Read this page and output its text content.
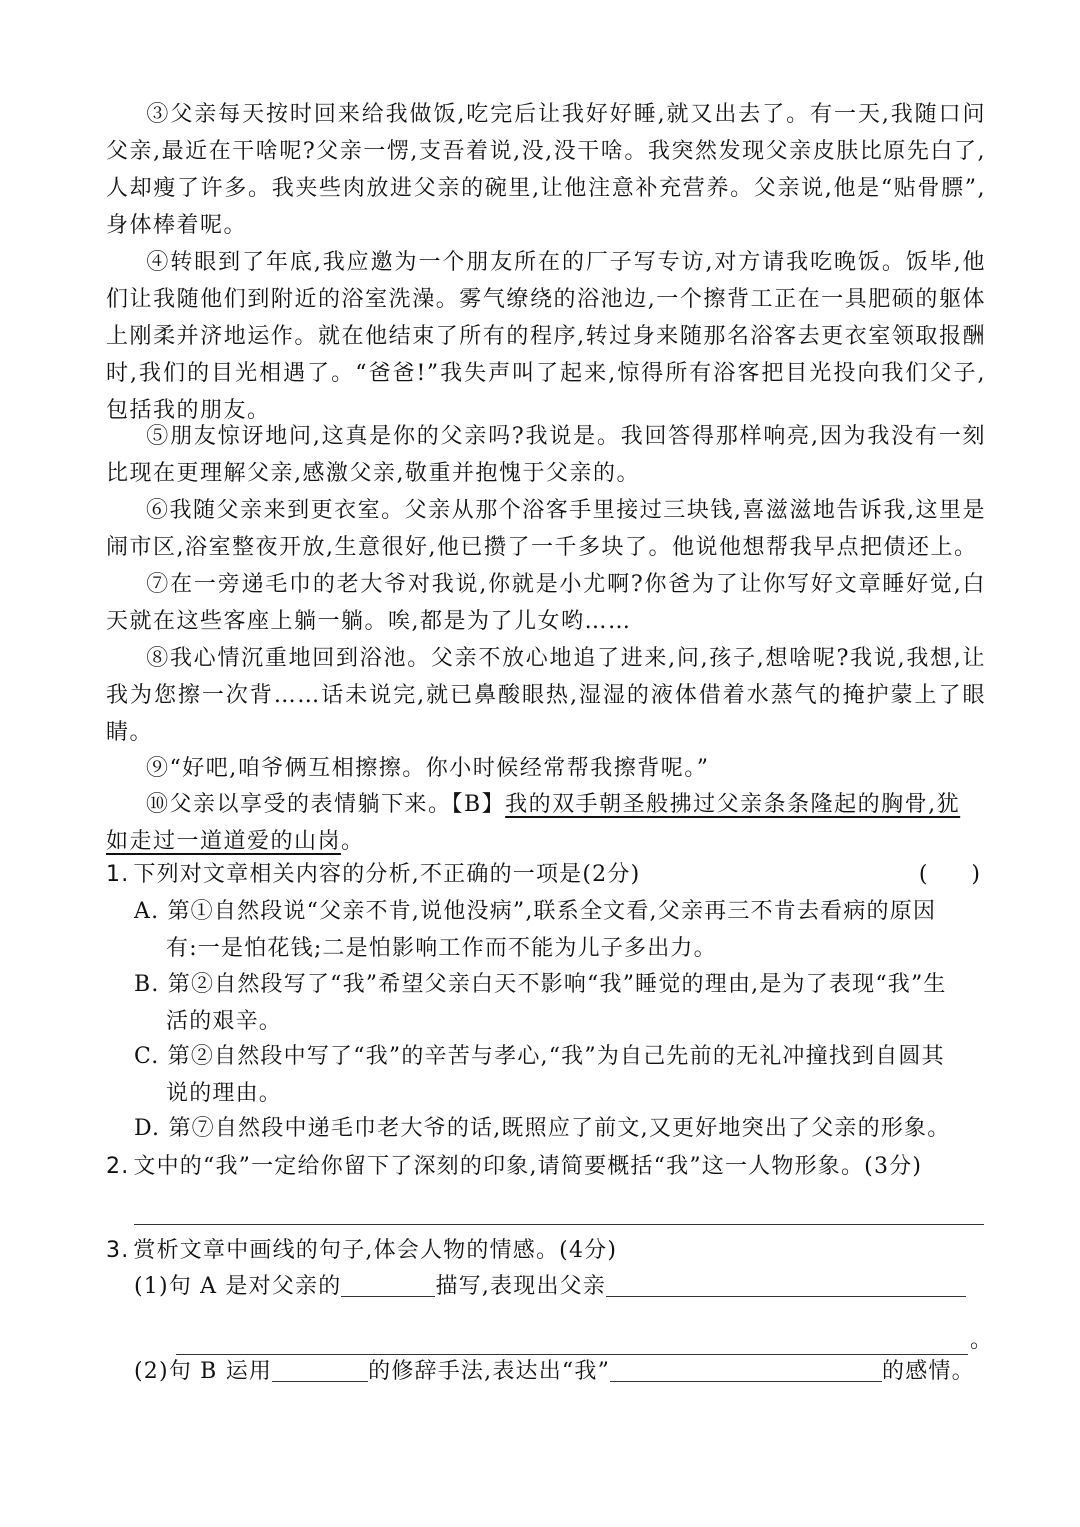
③父亲每天按时回来给我做饭,吃完后让我好好睡,就又出去了。有一天,我随口问父亲,最近在干啥呢?父亲一愣,支吾着说,没,没干啥。我突然发现父亲皮肤比原先白了,人却瘦了许多。我夹些肉放进父亲的碗里,让他注意补充营养。父亲说,他是“贴骨膘”,身体棒着呢。

④转眼到了年底,我应邀为一个朋友所在的厂子写专访,对方请我吃晚饭。饭毕,他们让我随他们到附近的浴室洗澡。雾气缭绕的浴池边,一个擦背工正在一具肥硕的躯体上刚柔并济地运作。就在他结束了所有的程序,转过身来随那名浴客去更衣室领取报酬时,我们的目光相遇了。“爸爸!”我失声叫了起来,惊得所有浴客把目光投向我们父子,包括我的朋友。

⑤朋友惊讶地问,这真是你的父亲吗?我说是。我回答得那样响亮,因为我没有一刻比现在更理解父亲,感激父亲,敬重并抱愧于父亲的。

⑥我随父亲来到更衣室。父亲从那个浴客手里接过三块钱,喜滋滋地告诉我,这里是闹市区,浴室整夜开放,生意很好,他已攒了一千多块了。他说他想帮我早点把债还上。

⑦在一旁递毛巾的老大爷对我说,你就是小尤啊?你爸为了让你写好文章睡好觉,白天就在这些客座上躺一躺。唉,都是为了儿女哟……

⑧我心情沉重地回到浴池。父亲不放心地追了进来,问,孩子,想啥呢?我说,我想,让我为您擦一次背……话未说完,就已鼻酸眼热,湿湿的液体借着水蒸气的掩护蒙上了眼睛。

⑨“好吧,咱爷俩互相擦擦。你小时候经常帮我擦背呢。”

⑩父亲以享受的表情躺下来。【B】我的双手朝圣般拂过父亲条条隆起的胸骨,犹
如走过一道道爱的山岗。

1. 下列对文章相关内容的分析,不正确的一项是(2分)	(　　)

A. 第①自然段说“父亲不肯,说他没病”,联系全文看,父亲再三不肯去看病的原因
有:一是怕花钱;二是怕影响工作而不能为儿子多出力。

B. 第②自然段写了“我”希望父亲白天不影响“我”睡觉的理由,是为了表现“我”生
活的艰辛。

C. 第②自然段中写了“我”的辛苦与孝心,“我”为自己先前的无礼冲撞找到自圆其
说的理由。

D. 第⑦自然段中递毛巾老大爷的话,既照应了前文,又更好地突出了父亲的形象。

2. 文中的“我”一定给你留下了深刻的印象,请简要概括“我”这一人物形象。(3分)

3. 赏析文章中画线的句子,体会人物的情感。(4分)

(1)句 A 是对父亲的	描写,表现出父亲

。

(2)句 B 运用	的修辞手法,表达出“我”	的感情。
